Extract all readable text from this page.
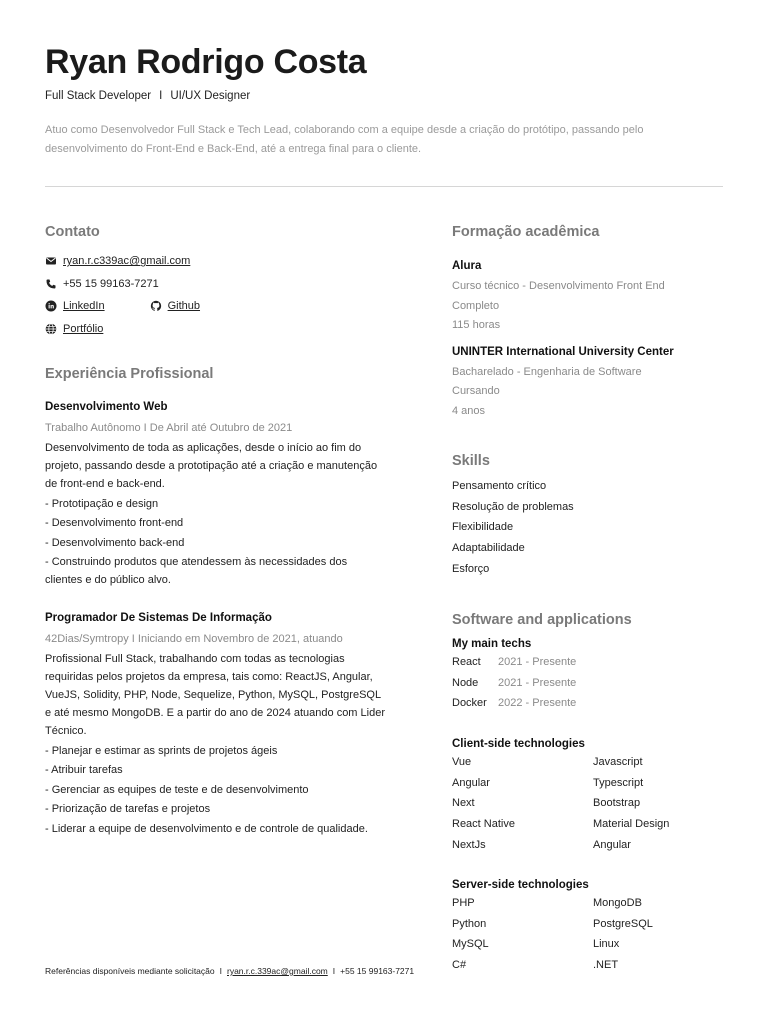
Ryan Rodrigo Costa
Full Stack Developer I UI/UX Designer
Atuo como Desenvolvedor Full Stack e Tech Lead, colaborando com a equipe desde a criação do protótipo, passando pelo desenvolvimento do Front-End e Back-End, até a entrega final para o cliente.
Contato
ryan.r.c339ac@gmail.com
+55 15 99163-7271
LinkedIn	Github
Portfólio
Experiência Profissional
Desenvolvimento Web
Trabalho Autônomo I De Abril até Outubro de 2021
Desenvolvimento de toda as aplicações, desde o início ao fim do projeto, passando desde a prototipação até a criação e manutenção de front-end e back-end.
- Prototipação e design
- Desenvolvimento front-end
- Desenvolvimento back-end
- Construindo produtos que atendessem às necessidades dos clientes e do público alvo.
Programador De Sistemas De Informação
42Dias/Symtropy I Iniciando em Novembro de 2021, atuando
Profissional Full Stack, trabalhando com todas as tecnologias requiridas pelos projetos da empresa, tais como: ReactJS, Angular, VueJS, Solidity, PHP, Node, Sequelize, Python, MySQL, PostgreSQL e até mesmo MongoDB. E a partir do ano de 2024 atuando com Lider Técnico.
- Planejar e estimar as sprints de projetos ágeis
- Atribuir tarefas
- Gerenciar as equipes de teste e de desenvolvimento
- Priorização de tarefas e projetos
- Liderar a equipe de desenvolvimento e de controle de qualidade.
Formação acadêmica
Alura
Curso técnico - Desenvolvimento Front End
Completo
115 horas
UNINTER International University Center
Bacharelado - Engenharia de Software
Cursando
4 anos
Skills
Pensamento crítico
Resolução de problemas
Flexibilidade
Adaptabilidade
Esforço
Software and applications
My main techs
React 2021 - Presente
Node 2021 - Presente
Docker 2022 - Presente
Client-side technologies
Vue	Javascript
Angular	Typescript
Next	Bootstrap
React Native	Material Design
NextJs	Angular
Server-side technologies
PHP	MongoDB
Python	PostgreSQL
MySQL	Linux
C#	.NET
Referências disponíveis mediante solicitação I ryan.r.c.339ac@gmail.com I +55 15 99163-7271
